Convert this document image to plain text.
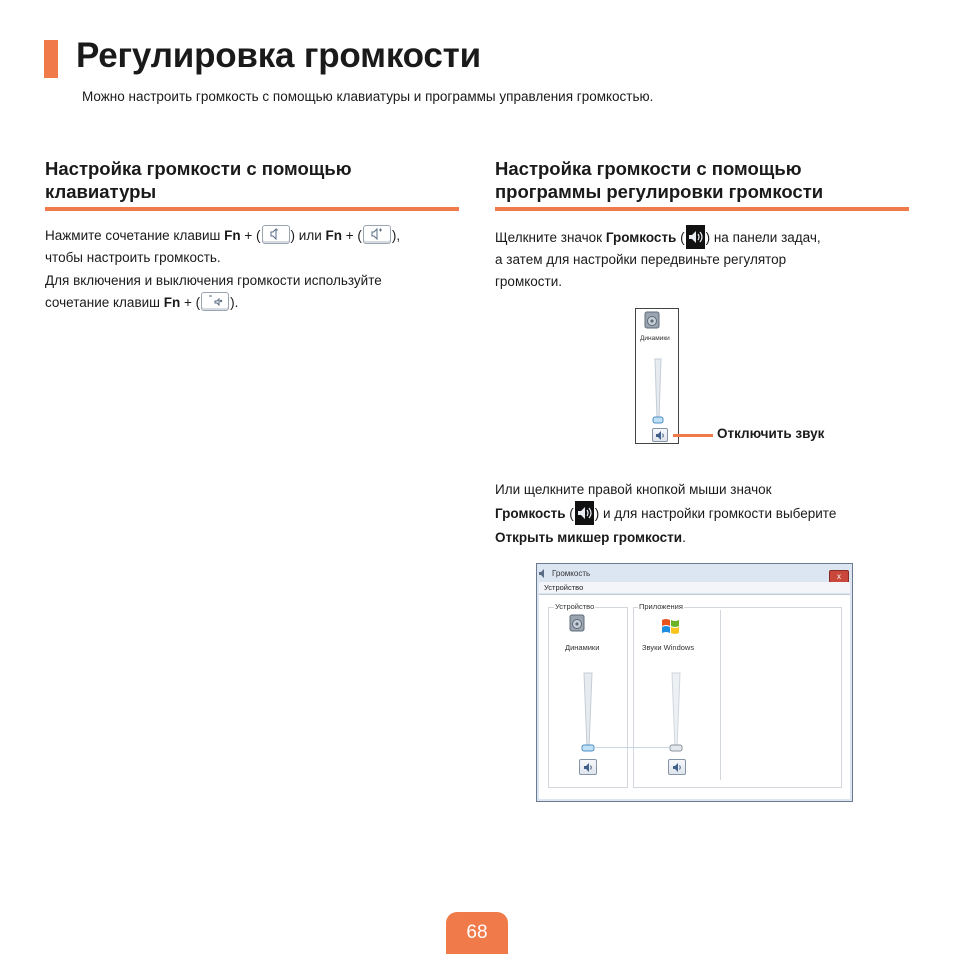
Регулировка громкости
Можно настроить громкость с помощью клавиатуры и программы управления громкостью.
Настройка громкости с помощью
клавиатуры
Нажмите сочетание клавиш Fn + ( ) или Fn + ( ),
чтобы настроить громкость.
Для включения и выключения громкости используйте
сочетание клавиш Fn + ( ).
Настройка громкости с помощью
программы регулировки громкости
Щелкните значок Громкость ( ) на панели задач,
а затем для настройки передвиньте регулятор
громкости.
Динамики
Отключить звук
Или щелкните правой кнопкой мыши значок
Громкость ( ) и для настройки громкости выберите
Открыть микшер громкости.
Громкость	x
Устройство
Устройство
Динамики
Приложения
Звуки Windows
68
